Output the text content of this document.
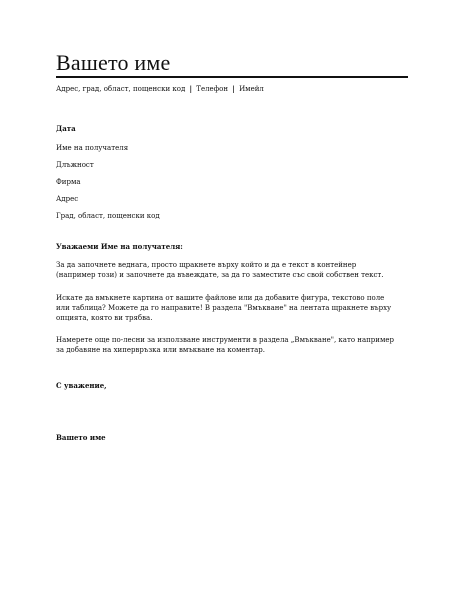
Вашето име
Адрес, град, област, пощенски код | Телефон | Имейл
Дата
Име на получателя
Длъжност
Фирма
Адрес
Град, област, пощенски код
Уважаеми Име на получателя:
За да започнете веднага, просто щракнете върху който и да е текст в контейнер
(например този) и започнете да въвеждате, за да го заместите със свой собствен текст.
Искате да вмъкнете картина от вашите файлове или да добавите фигура, текстово поле
или таблица? Можете да го направите! В раздела "Вмъкване" на лентата щракнете върху
опцията, която ви трябва.
Намерете още по-лесни за използване инструменти в раздела „Вмъкване", като например
за добавяне на хипервръзка или вмъкване на коментар.
С уважение,
Вашето име
